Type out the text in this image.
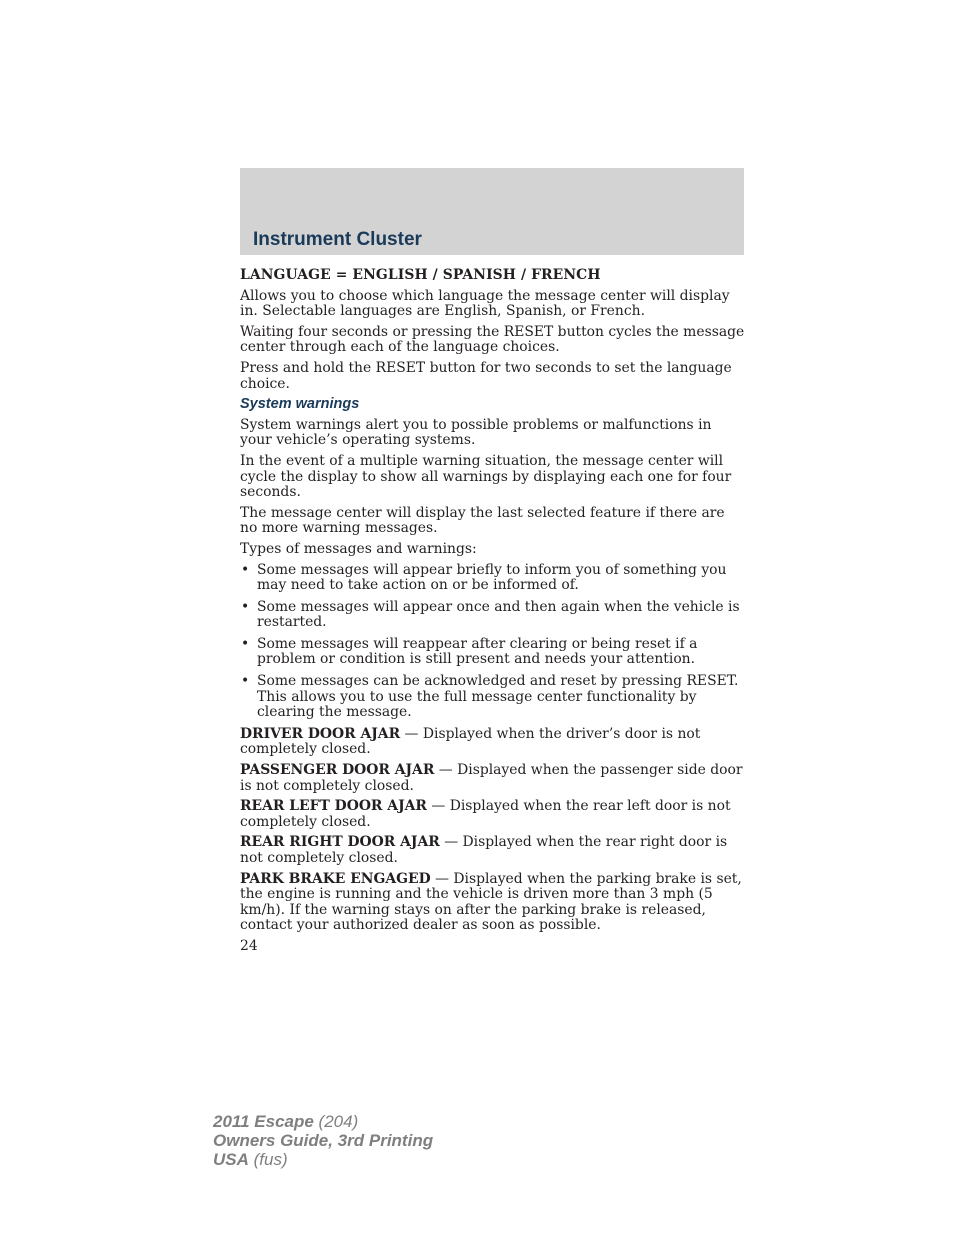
Instrument Cluster

LANGUAGE = ENGLISH / SPANISH / FRENCH

Allows you to choose which language the message center will display in. Selectable languages are English, Spanish, or French.

Waiting four seconds or pressing the RESET button cycles the message center through each of the language choices.

Press and hold the RESET button for two seconds to set the language choice.

System warnings

System warnings alert you to possible problems or malfunctions in your vehicle’s operating systems.

In the event of a multiple warning situation, the message center will cycle the display to show all warnings by displaying each one for four seconds.

The message center will display the last selected feature if there are no more warning messages.

Types of messages and warnings:

• Some messages will appear briefly to inform you of something you may need to take action on or be informed of.
• Some messages will appear once and then again when the vehicle is restarted.
• Some messages will reappear after clearing or being reset if a problem or condition is still present and needs your attention.
• Some messages can be acknowledged and reset by pressing RESET. This allows you to use the full message center functionality by clearing the message.

DRIVER DOOR AJAR — Displayed when the driver’s door is not completely closed.

PASSENGER DOOR AJAR — Displayed when the passenger side door is not completely closed.

REAR LEFT DOOR AJAR — Displayed when the rear left door is not completely closed.

REAR RIGHT DOOR AJAR — Displayed when the rear right door is not completely closed.

PARK BRAKE ENGAGED — Displayed when the parking brake is set, the engine is running and the vehicle is driven more than 3 mph (5 km/h). If the warning stays on after the parking brake is released, contact your authorized dealer as soon as possible.

24

2011 Escape (204)
Owners Guide, 3rd Printing
USA (fus)
